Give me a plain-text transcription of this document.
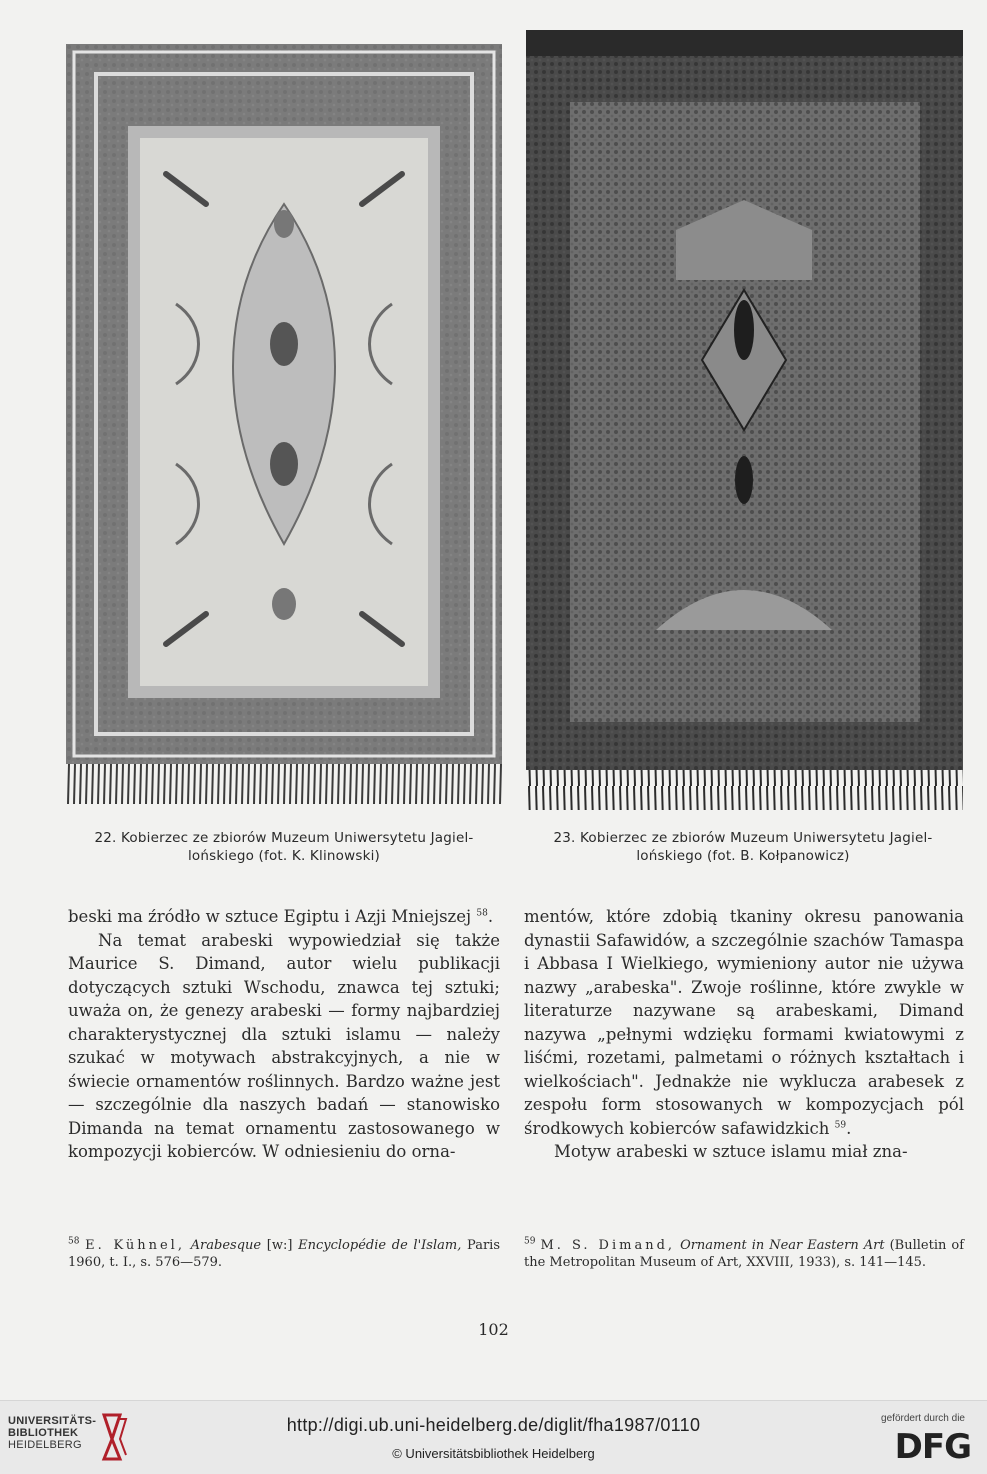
22. Kobierzec ze zbiorów Muzeum Uniwersytetu Jagiel-
lońskiego (fot. K. Klinowski)
23. Kobierzec ze zbiorów Muzeum Uniwersytetu Jagiel-
lońskiego (fot. B. Kołpanowicz)

beski ma źródło w sztuce Egiptu i Azji Mniejszej $^{58}$.

Na temat arabeski wypowiedział się także Maurice S. Dimand, autor wielu publikacji dotyczących sztuki Wschodu, znawca tej sztuki; uważa on, że genezy arabeski — formy najbardziej charakterystycznej dla sztuki islamu — należy szukać w motywach abstrakcyjnych, a nie w świecie ornamentów roślinnych. Bardzo ważne jest — szczególnie dla naszych badań — stanowisko Dimanda na temat ornamentu zastosowanego w kompozycji kobierców. W odniesieniu do orna-

mentów, które zdobią tkaniny okresu panowania dynastii Safawidów, a szczególnie szachów Tamaspa i Abbasa I Wielkiego, wymieniony autor nie używa nazwy „arabeska". Zwoje roślinne, które zwykle w literaturze nazywane są arabeskami, Dimand nazywa „pełnymi wdzięku formami kwiatowymi z liśćmi, rozetami, palmetami o różnych kształtach i wielkościach". Jednakże nie wyklucza arabesek z zespołu form stosowanych w kompozycjach pól środkowych kobierców safawidzkich $^{59}$.

Motyw arabeski w sztuce islamu miał zna-

$^{58}$ E. Kühnel, Arabesque [w:] Encyclopédie de l'Islam, Paris 1960, t. I., s. 576—579.
$^{59}$ M. S. Dimand, Ornament in Near Eastern Art (Bulletin of the Metropolitan Museum of Art, XXVIII, 1933), s. 141—145.
102
UNIVERSITÄTS-
BIBLIOTHEK
HEIDELBERG
http://digi.ub.uni-heidelberg.de/diglit/fha1987/0110
© Universitätsbibliothek Heidelberg
gefördert durch die
DFG
